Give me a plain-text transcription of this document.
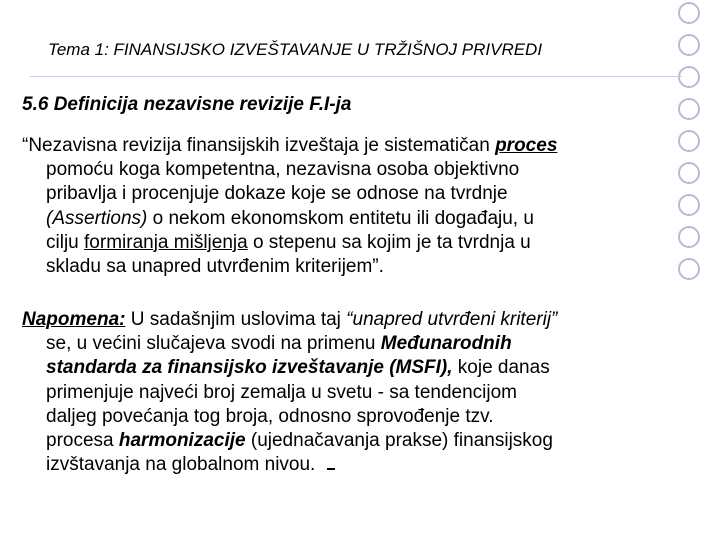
Tema 1: FINANSIJSKO IZVEŠTAVANJE U TRŽIŠNOJ PRIVREDI
5.6 Definicija nezavisne revizije F.I-ja
“Nezavisna revizija finansijskih izveštaja je sistematičan proces
pomoću koga kompetentna, nezavisna osoba objektivno
pribavlja i procenjuje dokaze koje se odnose na tvrdnje
(Assertions) o nekom ekonomskom entitetu ili događaju, u
cilju formiranja mišljenja o stepenu sa kojim je ta tvrdnja u
skladu sa unapred utvrđenim kriterijem”.
Napomena: U sadašnjim uslovima taj “unapred utvrđeni kriterij”
se, u većini slučajeva svodi na primenu Međunarodnih
standarda za finansijsko izveštavanje (MSFI), koje danas
primenjuje najveći broj zemalja u svetu - sa tendencijom
daljeg povećanja tog broja, odnosno sprovođenje tzv.
procesa harmonizacije (ujednačavanja prakse) finansijskog
izvštavanja na globalnom nivou.
